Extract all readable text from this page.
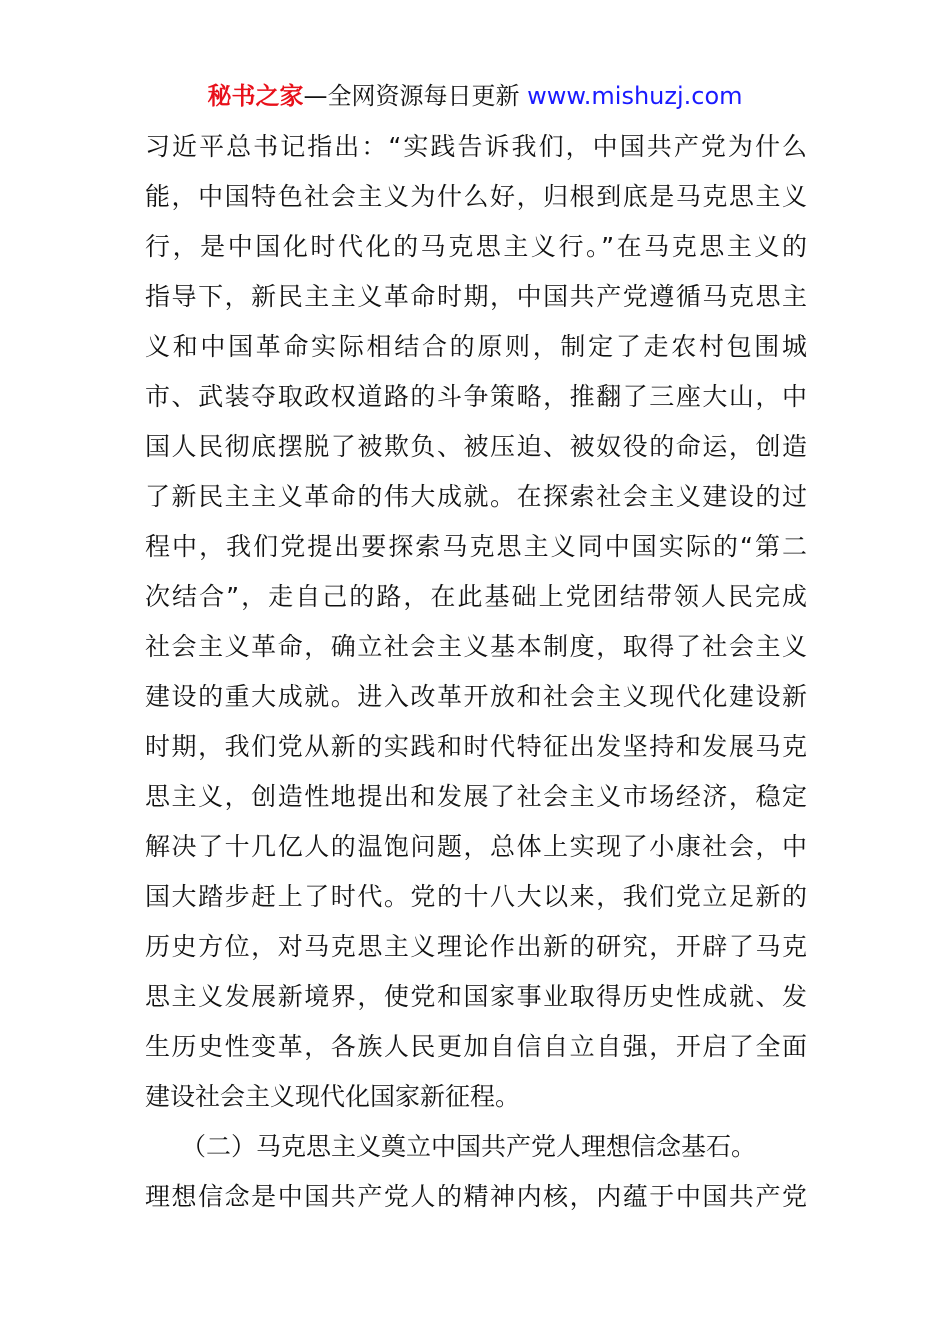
秘书之家—全网资源每日更新 www.mishuzj.com
习近平总书记指出：“实践告诉我们，中国共产党为什么
能，中国特色社会主义为什么好，归根到底是马克思主义
行，是中国化时代化的马克思主义行。”在马克思主义的
指导下，新民主主义革命时期，中国共产党遵循马克思主
义和中国革命实际相结合的原则，制定了走农村包围城
市、武装夺取政权道路的斗争策略，推翻了三座大山，中
国人民彻底摆脱了被欺负、被压迫、被奴役的命运，创造
了新民主主义革命的伟大成就。在探索社会主义建设的过
程中，我们党提出要探索马克思主义同中国实际的“第二
次结合”，走自己的路，在此基础上党团结带领人民完成
社会主义革命，确立社会主义基本制度，取得了社会主义
建设的重大成就。进入改革开放和社会主义现代化建设新
时期，我们党从新的实践和时代特征出发坚持和发展马克
思主义，创造性地提出和发展了社会主义市场经济，稳定
解决了十几亿人的温饱问题，总体上实现了小康社会，中
国大踏步赶上了时代。党的十八大以来，我们党立足新的
历史方位，对马克思主义理论作出新的研究，开辟了马克
思主义发展新境界，使党和国家事业取得历史性成就、发
生历史性变革，各族人民更加自信自立自强，开启了全面
建设社会主义现代化国家新征程。
（二）马克思主义奠立中国共产党人理想信念基石。
理想信念是中国共产党人的精神内核，内蕴于中国共产党
